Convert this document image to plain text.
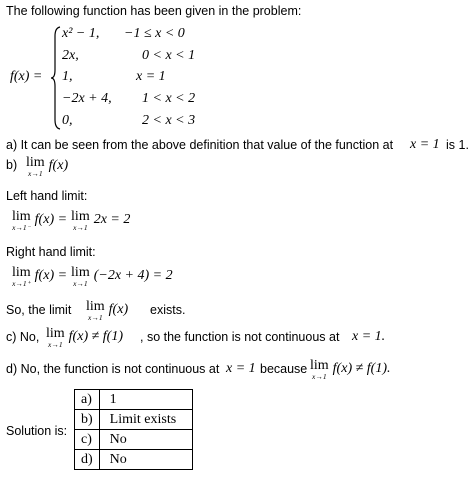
The following function has been given in the problem:
f(x) =
x² − 1, −1 ≤ x < 0
2x,	0 < x < 1
1,	x = 1
−2x + 4, 1 < x < 2
0,	2 < x < 3
a) It can be seen from the above definition that value of the function at x = 1 is 1.
b) lim
x→1
f(x)
Left hand limit:
lim
x→1⁻
f(x) = lim
x→1
2x = 2
Right hand limit:
lim
x→1⁺
f(x) = lim
x→1
(−2x + 4) = 2
So, the limit lim
x→1
f(x) exists.
c) No, lim
x→1
f(x) ≠ f(1) , so the function is not continuous at x = 1.
d) No, the function is not continuous at x = 1 because lim
x→1
f(x) ≠ f(1).
Solution is:
a)	1
b)	Limit exists
c)	No
d)	No
